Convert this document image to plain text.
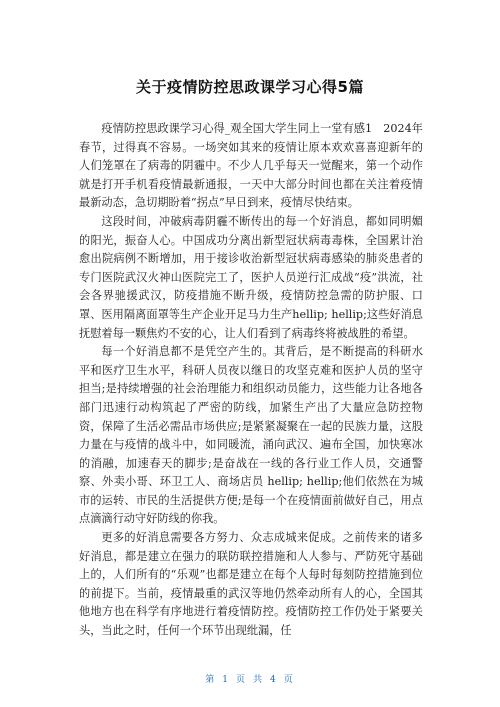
关于疫情防控思政课学习心得5篇

疫情防控思政课学习心得_观全国大学生同上一堂有感1　2024年春节，过得真不容易。一场突如其来的疫情让原本欢欢喜喜迎新年的人们笼罩在了病毒的阴霾中。不少人几乎每天一觉醒来，第一个动作就是打开手机看疫情最新通报，一天中大部分时间也都在关注着疫情最新动态，急切期盼着“拐点”早日到来，疫情尽快结束。

这段时间，冲破病毒阴霾不断传出的每一个好消息，都如同明媚的阳光，振奋人心。中国成功分离出新型冠状病毒毒株，全国累计治愈出院病例不断增加，用于接诊收治新型冠状病毒感染的肺炎患者的专门医院武汉火神山医院完工了，医护人员逆行汇成战“疫”洪流，社会各界驰援武汉，防疫措施不断升级，疫情防控急需的防护服、口罩、医用隔离面罩等生产企业开足马力生产hellip; hellip;这些好消息抚慰着每一颗焦灼不安的心，让人们看到了病毒终将被战胜的希望。

每一个好消息都不是凭空产生的。其背后，是不断提高的科研水平和医疗卫生水平，科研人员夜以继日的攻坚克难和医护人员的坚守担当;是持续增强的社会治理能力和组织动员能力，这些能力让各地各部门迅速行动构筑起了严密的防线，加紧生产出了大量应急防控物资，保障了生活必需品市场供应;是紧紧凝聚在一起的民族力量，这股力量在与疫情的战斗中，如同暖流，涌向武汉、遍布全国，加快寒冰的消融，加速春天的脚步;是奋战在一线的各行业工作人员，交通警察、外卖小哥、环卫工人、商场店员 hellip; hellip;他们依然在为城市的运转、市民的生活提供方便;是每一个在疫情面前做好自己，用点点滴滴行动守好防线的你我。

更多的好消息需要各方努力、众志成城来促成。之前传来的诸多好消息，都是建立在强力的联防联控措施和人人参与、严防死守基础上的，人们所有的“乐观”也都是建立在每个人每时每刻防控措施到位的前提下。当前，疫情最重的武汉等地仍然牵动所有人的心，全国其他地方也在科学有序地进行着疫情防控。疫情防控工作仍处于紧要关头，当此之时，任何一个环节出现纰漏，任

第 1 页 共 4 页
